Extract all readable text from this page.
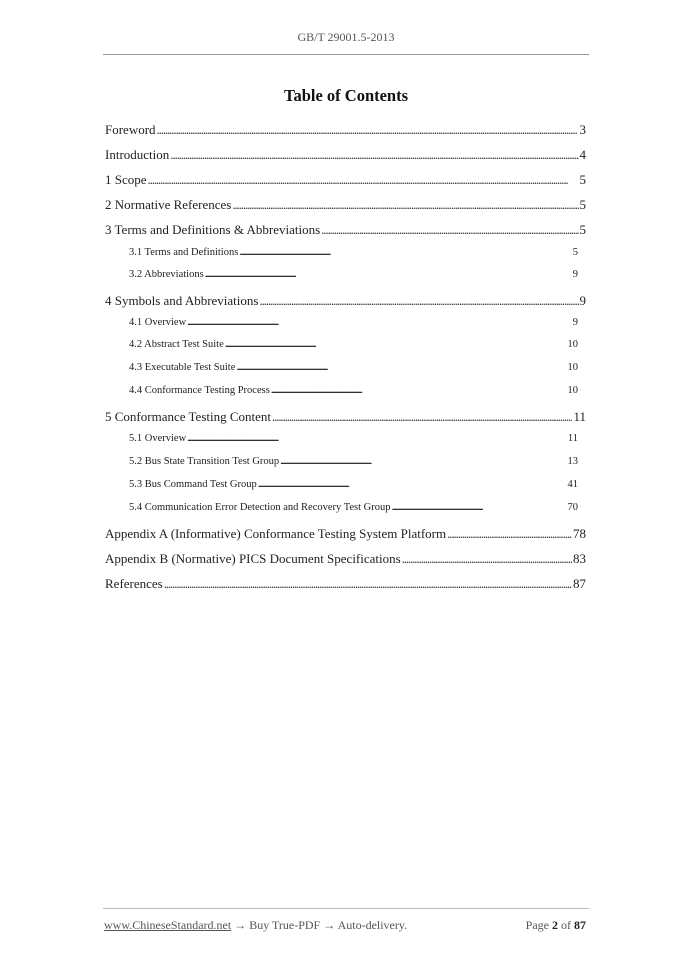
GB/T 29001.5-2013
Table of Contents
Foreword . . .	3
Introduction . . .	4
1 Scope . . .	5
2 Normative References . . .	5
3 Terms and Definitions & Abbreviations . . .	5
3.1 Terms and Definitions . . .	5
3.2 Abbreviations . . .	9
4 Symbols and Abbreviations . . .	9
4.1 Overview . . .	9
4.2 Abstract Test Suite . . .	10
4.3 Executable Test Suite . . .	10
4.4 Conformance Testing Process . . .	10
5 Conformance Testing Content . . .	11
5.1 Overview . . .	11
5.2 Bus State Transition Test Group . . .	13
5.3 Bus Command Test Group . . .	41
5.4 Communication Error Detection and Recovery Test Group . . .	70
Appendix A (Informative) Conformance Testing System Platform . . .	78
Appendix B (Normative) PICS Document Specifications . . .	83
References . . .	87
www.ChineseStandard.net → Buy True-PDF → Auto-delivery.	Page 2 of 87
